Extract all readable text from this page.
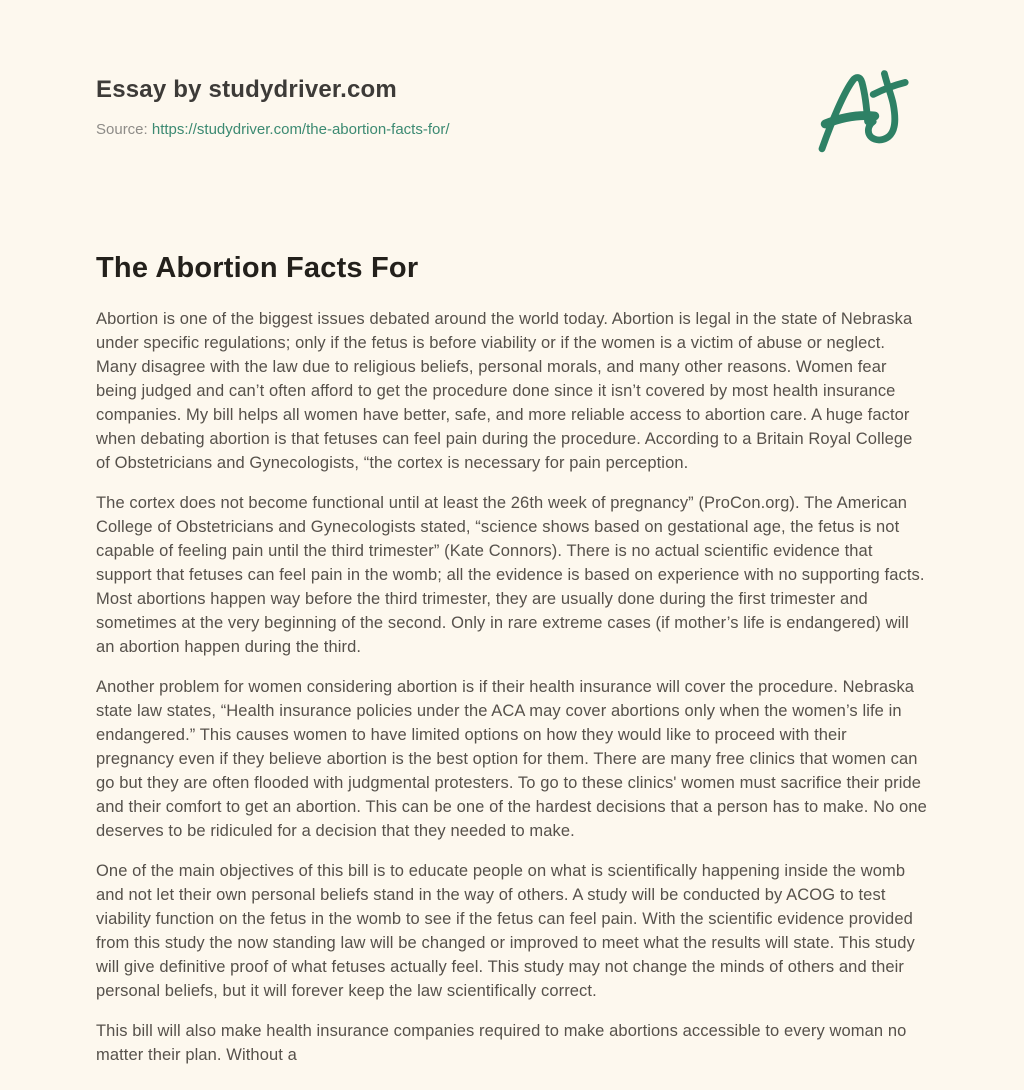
Essay by studydriver.com

Source: https://studydriver.com/the-abortion-facts-for/

The Abortion Facts For

Abortion is one of the biggest issues debated around the world today. Abortion is legal in the state of Nebraska under specific regulations; only if the fetus is before viability or if the women is a victim of abuse or neglect. Many disagree with the law due to religious beliefs, personal morals, and many other reasons. Women fear being judged and can’t often afford to get the procedure done since it isn’t covered by most health insurance companies. My bill helps all women have better, safe, and more reliable access to abortion care. A huge factor when debating abortion is that fetuses can feel pain during the procedure. According to a Britain Royal College of Obstetricians and Gynecologists, “the cortex is necessary for pain perception.

The cortex does not become functional until at least the 26th week of pregnancy” (ProCon.org). The American College of Obstetricians and Gynecologists stated, “science shows based on gestational age, the fetus is not capable of feeling pain until the third trimester” (Kate Connors). There is no actual scientific evidence that support that fetuses can feel pain in the womb; all the evidence is based on experience with no supporting facts. Most abortions happen way before the third trimester, they are usually done during the first trimester and sometimes at the very beginning of the second. Only in rare extreme cases (if mother’s life is endangered) will an abortion happen during the third.

Another problem for women considering abortion is if their health insurance will cover the procedure. Nebraska state law states, “Health insurance policies under the ACA may cover abortions only when the women’s life in endangered.” This causes women to have limited options on how they would like to proceed with their pregnancy even if they believe abortion is the best option for them. There are many free clinics that women can go but they are often flooded with judgmental protesters. To go to these clinics' women must sacrifice their pride and their comfort to get an abortion. This can be one of the hardest decisions that a person has to make. No one deserves to be ridiculed for a decision that they needed to make.

One of the main objectives of this bill is to educate people on what is scientifically happening inside the womb and not let their own personal beliefs stand in the way of others. A study will be conducted by ACOG to test viability function on the fetus in the womb to see if the fetus can feel pain. With the scientific evidence provided from this study the now standing law will be changed or improved to meet what the results will state. This study will give definitive proof of what fetuses actually feel. This study may not change the minds of others and their personal beliefs, but it will forever keep the law scientifically correct.

This bill will also make health insurance companies required to make abortions accessible to every woman no matter their plan. Without a
